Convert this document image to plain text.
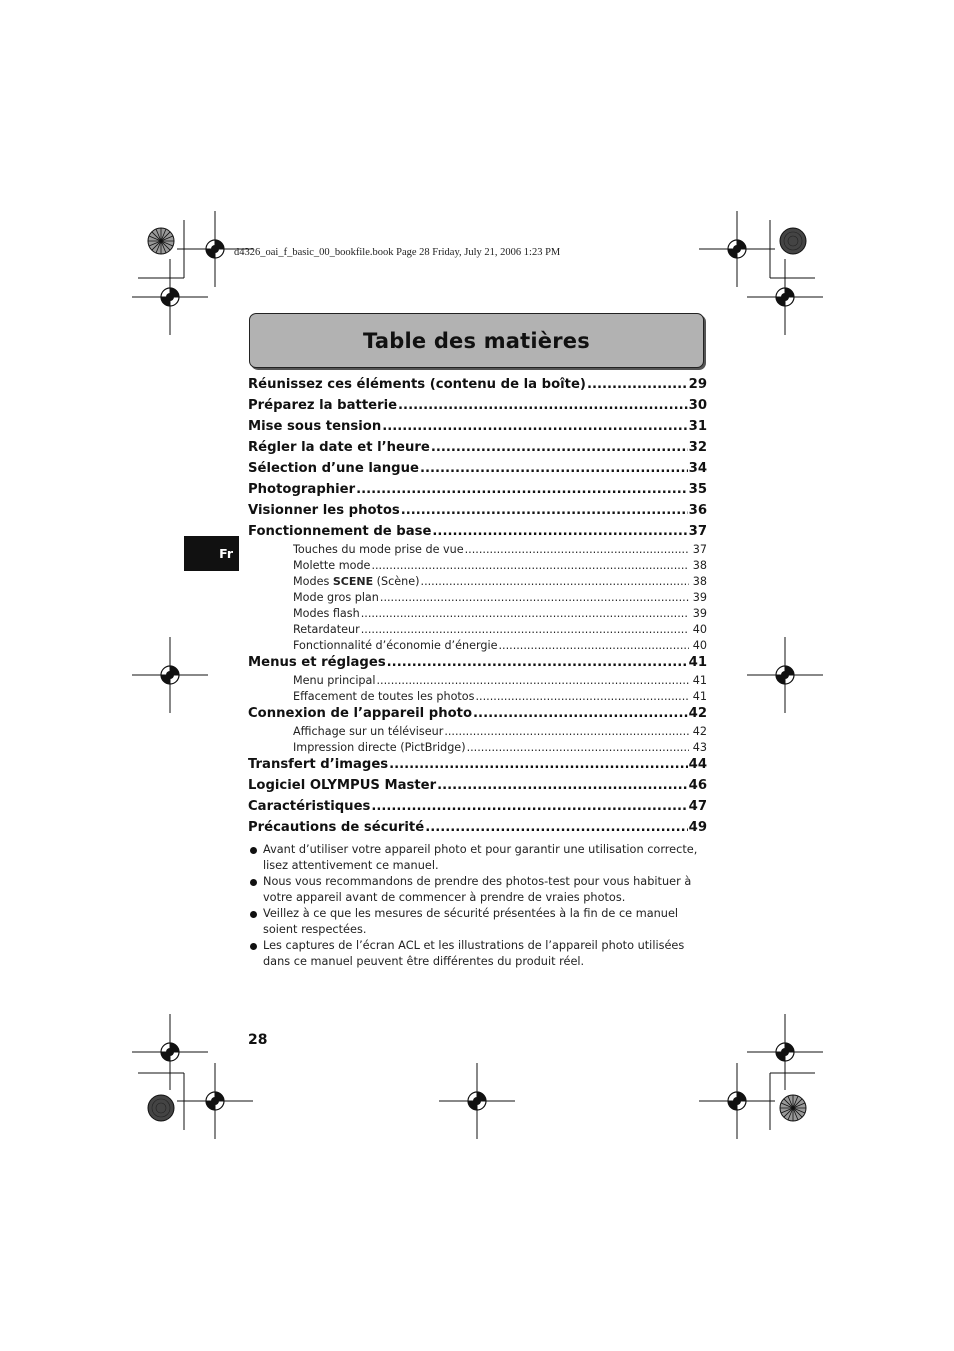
d4326_oai_f_basic_00_bookfile.book Page 28 Friday, July 21, 2006 1:23 PM
Table des matières
Fr
Réunissez ces éléments (contenu de la boîte) .....	29
Préparez la batterie .....	30
Mise sous tension .....	31
Régler la date et l’heure .....	32
Sélection d’une langue .....	34
Photographier .....	35
Visionner les photos .....	36
Fonctionnement de base .....	37
Touches du mode prise de vue .....	37
Molette mode .....	38
Modes SCENE (Scène) .....	38
Mode gros plan .....	39
Modes flash .....	39
Retardateur .....	40
Fonctionnalité d’économie d’énergie .....	40
Menus et réglages .....	41
Menu principal .....	41
Effacement de toutes les photos .....	41
Connexion de l’appareil photo .....	42
Affichage sur un téléviseur .....	42
Impression directe (PictBridge) .....	43
Transfert d’images .....	44
Logiciel OLYMPUS Master .....	46
Caractéristiques .....	47
Précautions de sécurité .....	49
Avant d’utiliser votre appareil photo et pour garantir une utilisation correcte, lisez attentivement ce manuel.
Nous vous recommandons de prendre des photos-test pour vous habituer à votre appareil avant de commencer à prendre de vraies photos.
Veillez à ce que les mesures de sécurité présentées à la fin de ce manuel soient respectées.
Les captures de l’écran ACL et les illustrations de l’appareil photo utilisées dans ce manuel peuvent être différentes du produit réel.
28
